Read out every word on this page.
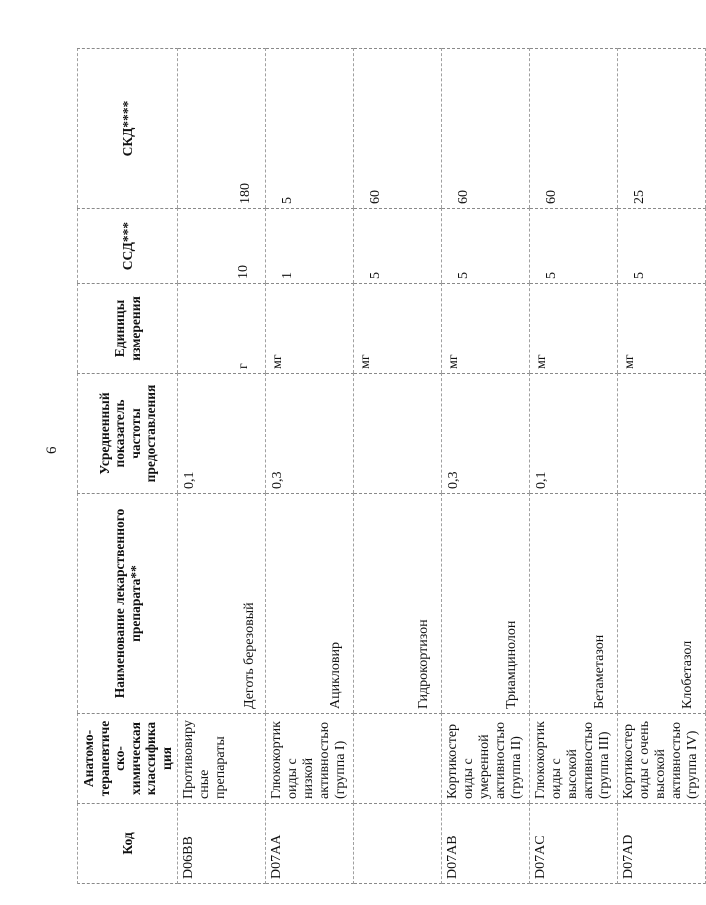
6
Код	Анатомо-терапевтическо-химическая классификация	Наименование лекарственного препарата**	Усредненный показатель частоты предоставления	Единицы измерения	ССД***	СКД****
D06BB	Противовирусные препараты	Деготь березовый	0,1	г	10	180
D07AA	Глюкокортикоиды с низкой активностью (группа I)	Ацикловир	0,3	мг	1	5
		Гидрокортизон		мг	5	60
D07AB	Кортикостероиды с умеренной активностью (группа II)	Триамцинолон	0,3	мг	5	60
D07AC	Глюкокортикоиды с высокой активностью (группа III)	Бетаметазон	0,1	мг	5	60
D07AD	Кортикостероиды с очень высокой активностью (группа IV)	Клобетазол		мг	5	25
